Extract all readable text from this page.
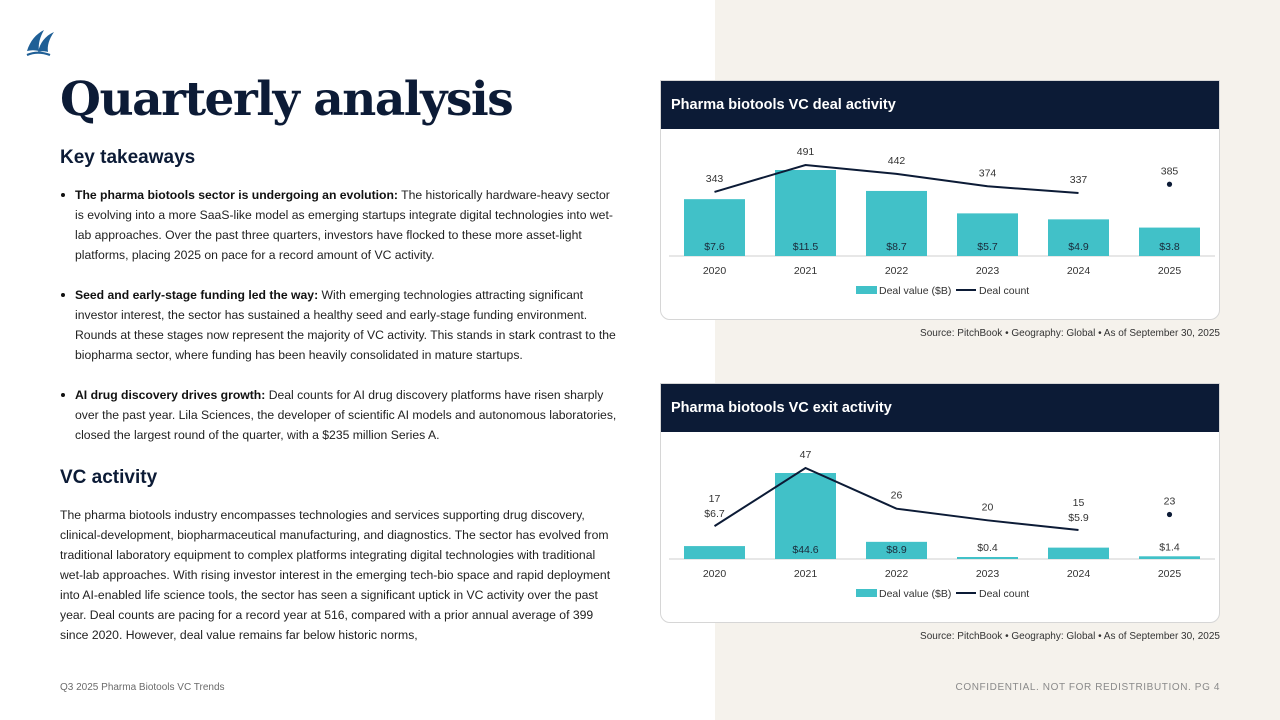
Quarterly analysis
Key takeaways
The pharma biotools sector is undergoing an evolution: The historically hardware-heavy sector is evolving into a more SaaS-like model as emerging startups integrate digital technologies into wet-lab approaches. Over the past three quarters, investors have flocked to these more asset-light platforms, placing 2025 on pace for a record amount of VC activity.
Seed and early-stage funding led the way: With emerging technologies attracting significant investor interest, the sector has sustained a healthy seed and early-stage funding environment. Rounds at these stages now represent the majority of VC activity. This stands in stark contrast to the biopharma sector, where funding has been heavily consolidated in mature startups.
AI drug discovery drives growth: Deal counts for AI drug discovery platforms have risen sharply over the past year. Lila Sciences, the developer of scientific AI models and autonomous laboratories, closed the largest round of the quarter, with a $235 million Series A.
VC activity

The pharma biotools industry encompasses technologies and services supporting drug discovery, clinical-development, biopharmaceutical manufacturing, and diagnostics. The sector has evolved from traditional laboratory equipment to complex platforms integrating digital technologies with traditional wet-lab approaches. With rising investor interest in the emerging tech-bio space and rapid deployment into AI-enabled life science tools, the sector has seen a significant uptick in VC activity over the past year. Deal counts are pacing for a record year at 516, compared with a prior annual average of 399 since 2020. However, deal value remains far below historic norms,

Pharma biotools VC deal activity
$7.6
2020
$11.5
2021
$8.7
2022
$5.7
2023
$4.9
2024
$3.8
2025
343
491
442
374
337
385
Deal value ($B)	Deal count
Source: PitchBook • Geography: Global • As of September 30, 2025
Pharma biotools VC exit activity
$6.7
2020
$44.6
2021
$8.9
2022
$0.4
2023
$5.9
2024
$1.4
2025
17
47
26
20	15	23
Deal value ($B)	Deal count
Source: PitchBook • Geography: Global • As of September 30, 2025
Q3 2025 Pharma Biotools VC Trends	CONFIDENTIAL. NOT FOR REDISTRIBUTION. PG 4
